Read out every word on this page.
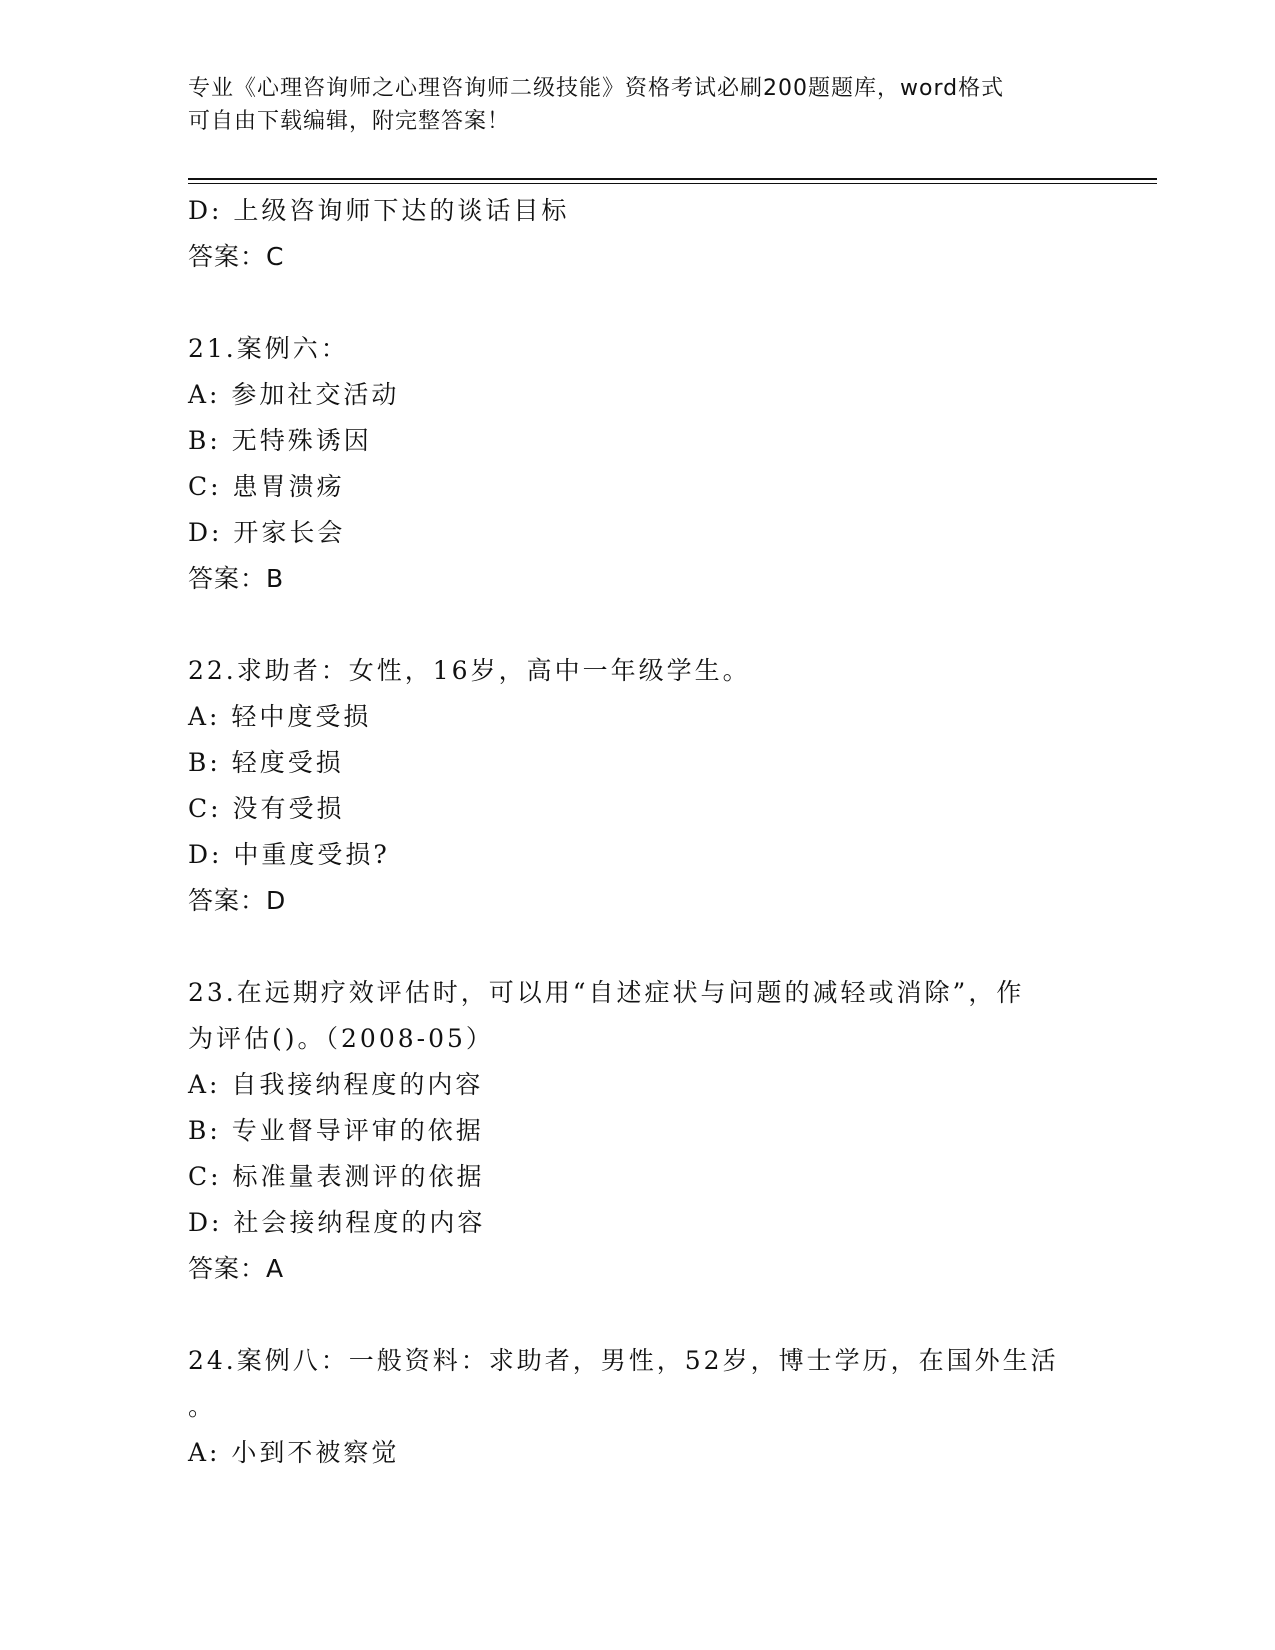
专业《心理咨询师之心理咨询师二级技能》资格考试必刷200题题库，word格式
可自由下载编辑，附完整答案！
D: 上级咨询师下达的谈话目标
答案：C
21.案例六：
A: 参加社交活动
B: 无特殊诱因
C: 患胃溃疡
D: 开家长会
答案：B
22.求助者：女性，16岁，高中一年级学生。
A: 轻中度受损
B: 轻度受损
C: 没有受损
D: 中重度受损?
答案：D
23.在远期疗效评估时，可以用“自述症状与问题的减轻或消除”，作
为评估()。（2008-05）
A: 自我接纳程度的内容
B: 专业督导评审的依据
C: 标准量表测评的依据
D: 社会接纳程度的内容
答案：A
24.案例八：一般资料：求助者，男性，52岁，博士学历，在国外生活
。
A: 小到不被察觉
